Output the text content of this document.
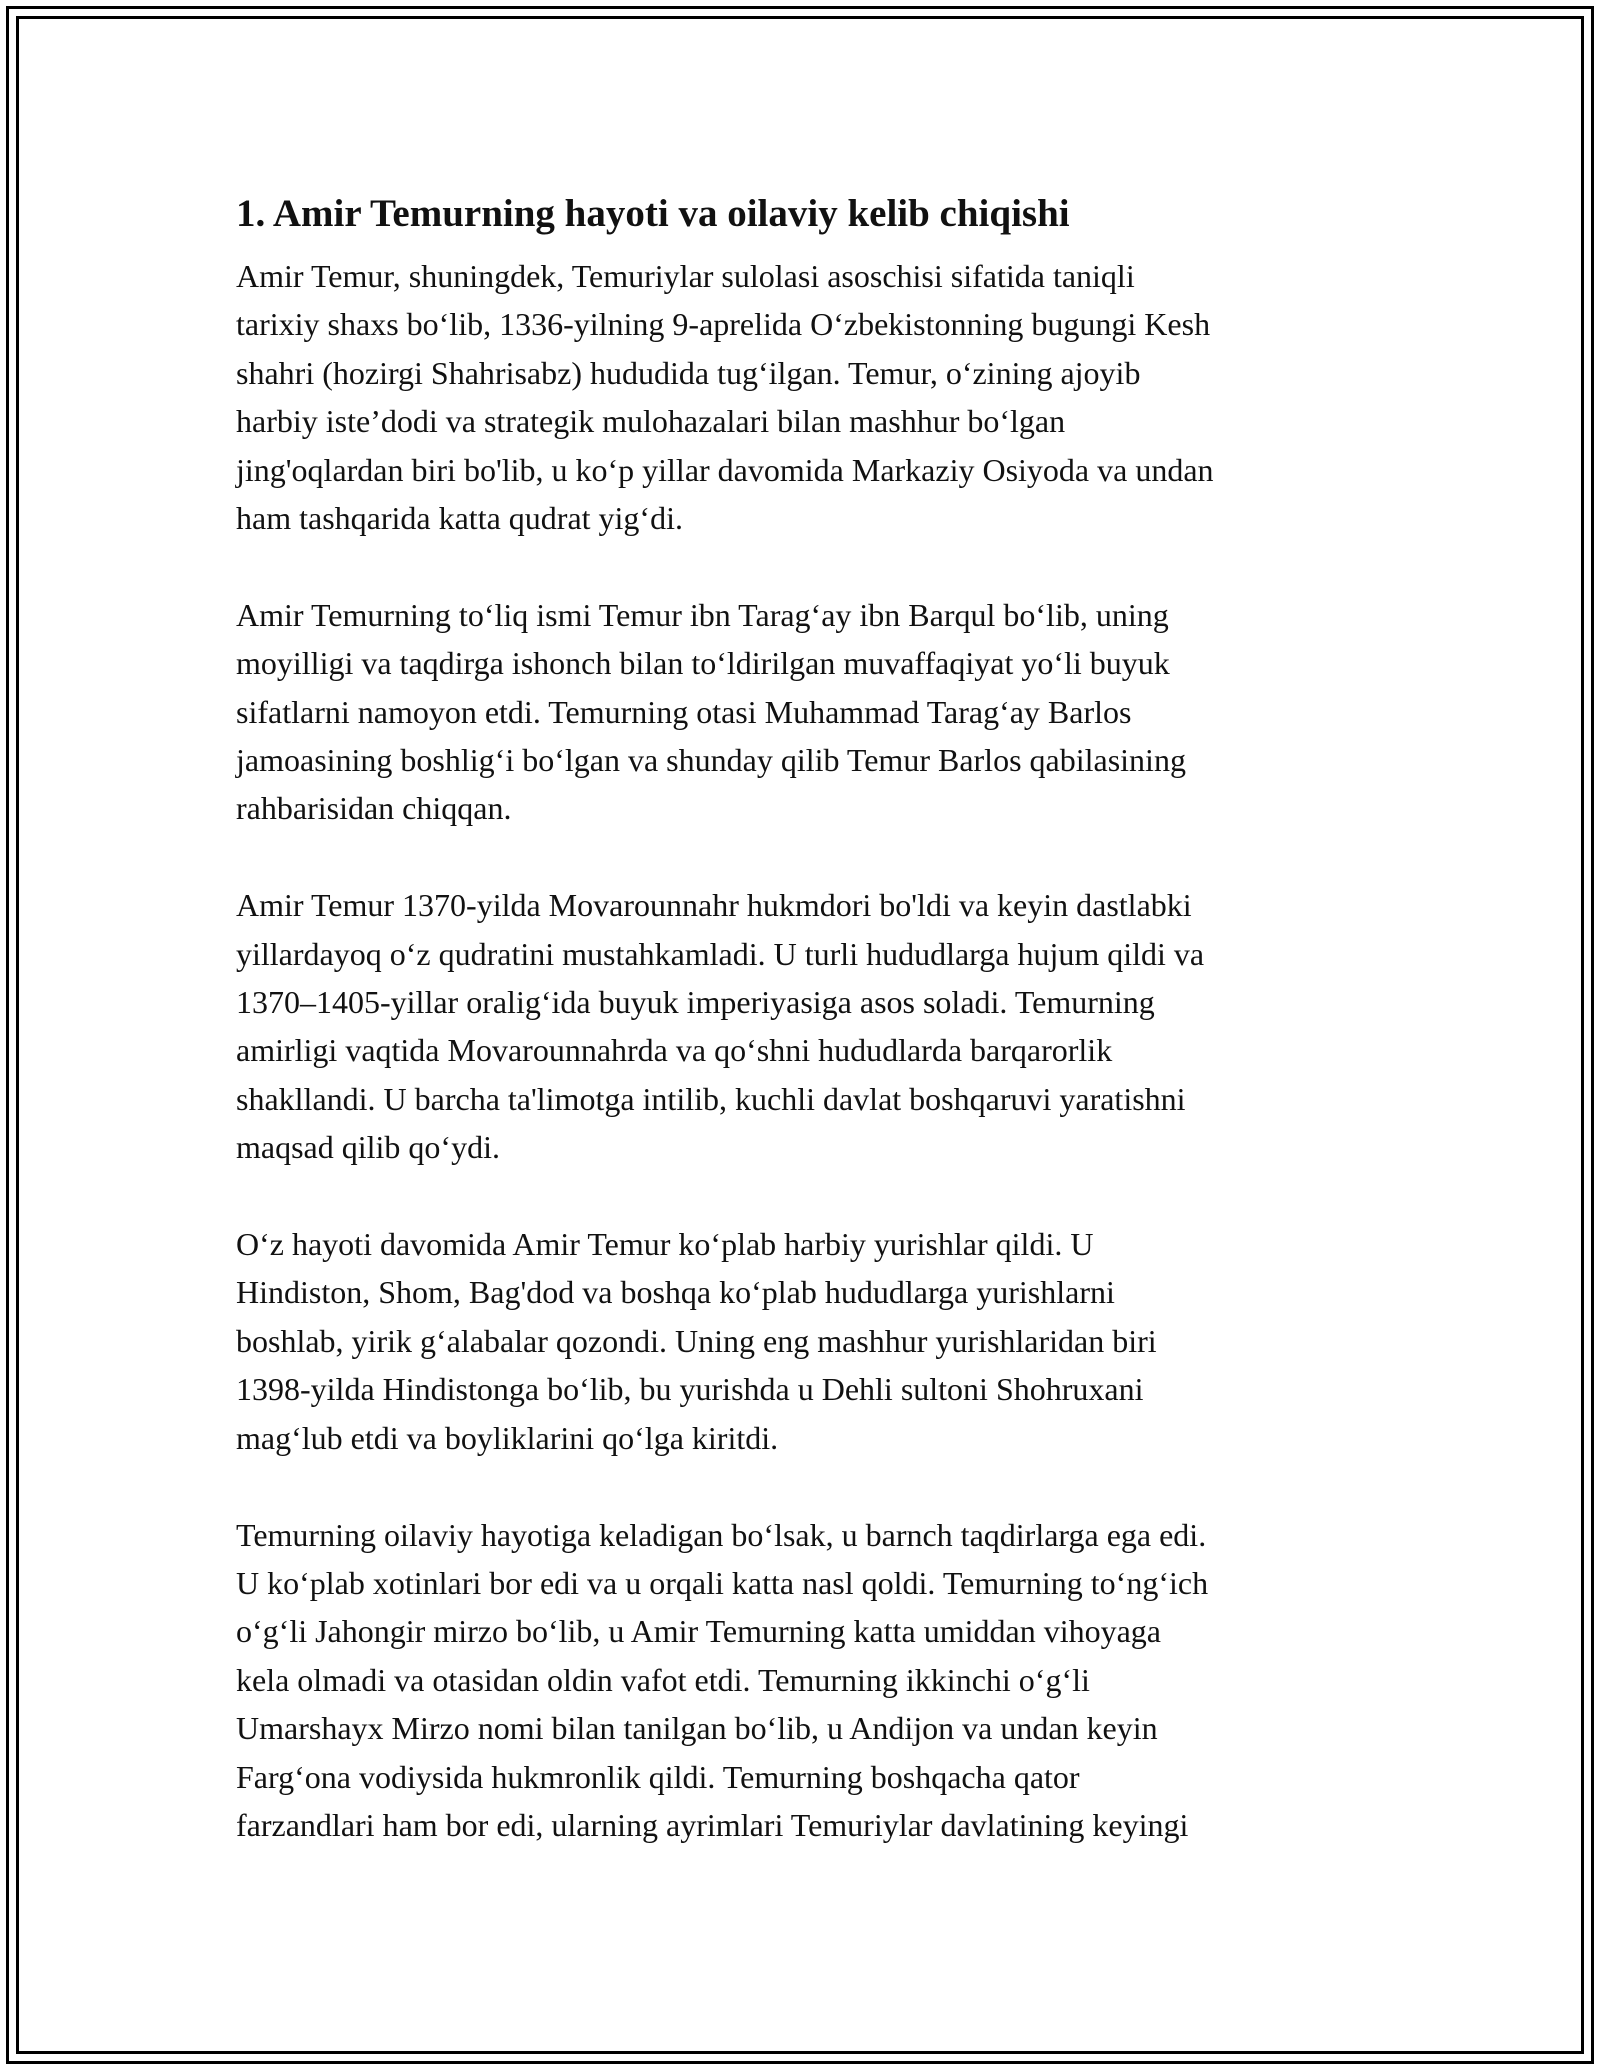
1. Amir Temurning hayoti va oilaviy kelib chiqishi

Amir Temur, shuningdek, Temuriylar sulolasi asoschisi sifatida taniqli
tarixiy shaxs bo‘lib, 1336-yilning 9-aprelida O‘zbekistonning bugungi Kesh
shahri (hozirgi Shahrisabz) hududida tug‘ilgan. Temur, o‘zining ajoyib
harbiy iste’dodi va strategik mulohazalari bilan mashhur bo‘lgan
jing'oqlardan biri bo'lib, u ko‘p yillar davomida Markaziy Osiyoda va undan
ham tashqarida katta qudrat yig‘di.

Amir Temurning to‘liq ismi Temur ibn Tarag‘ay ibn Barqul bo‘lib, uning
moyilligi va taqdirga ishonch bilan to‘ldirilgan muvaffaqiyat yo‘li buyuk
sifatlarni namoyon etdi. Temurning otasi Muhammad Tarag‘ay Barlos
jamoasining boshlig‘i bo‘lgan va shunday qilib Temur Barlos qabilasining
rahbarisidan chiqqan.

Amir Temur 1370-yilda Movarounnahr hukmdori bo'ldi va keyin dastlabki
yillardayoq o‘z qudratini mustahkamladi. U turli hududlarga hujum qildi va
1370–1405-yillar oralig‘ida buyuk imperiyasiga asos soladi. Temurning
amirligi vaqtida Movarounnahrda va qo‘shni hududlarda barqarorlik
shakllandi. U barcha ta'limotga intilib, kuchli davlat boshqaruvi yaratishni
maqsad qilib qo‘ydi.

O‘z hayoti davomida Amir Temur ko‘plab harbiy yurishlar qildi. U
Hindiston, Shom, Bag'dod va boshqa ko‘plab hududlarga yurishlarni
boshlab, yirik g‘alabalar qozondi. Uning eng mashhur yurishlaridan biri
1398-yilda Hindistonga bo‘lib, bu yurishda u Dehli sultoni Shohruxani
mag‘lub etdi va boyliklarini qo‘lga kiritdi.

Temurning oilaviy hayotiga keladigan bo‘lsak, u barnch taqdirlarga ega edi.
U ko‘plab xotinlari bor edi va u orqali katta nasl qoldi. Temurning to‘ng‘ich
o‘g‘li Jahongir mirzo bo‘lib, u Amir Temurning katta umiddan vihoyaga
kela olmadi va otasidan oldin vafot etdi. Temurning ikkinchi o‘g‘li
Umarshayx Mirzo nomi bilan tanilgan bo‘lib, u Andijon va undan keyin
Farg‘ona vodiysida hukmronlik qildi. Temurning boshqacha qator
farzandlari ham bor edi, ularning ayrimlari Temuriylar davlatining keyingi
